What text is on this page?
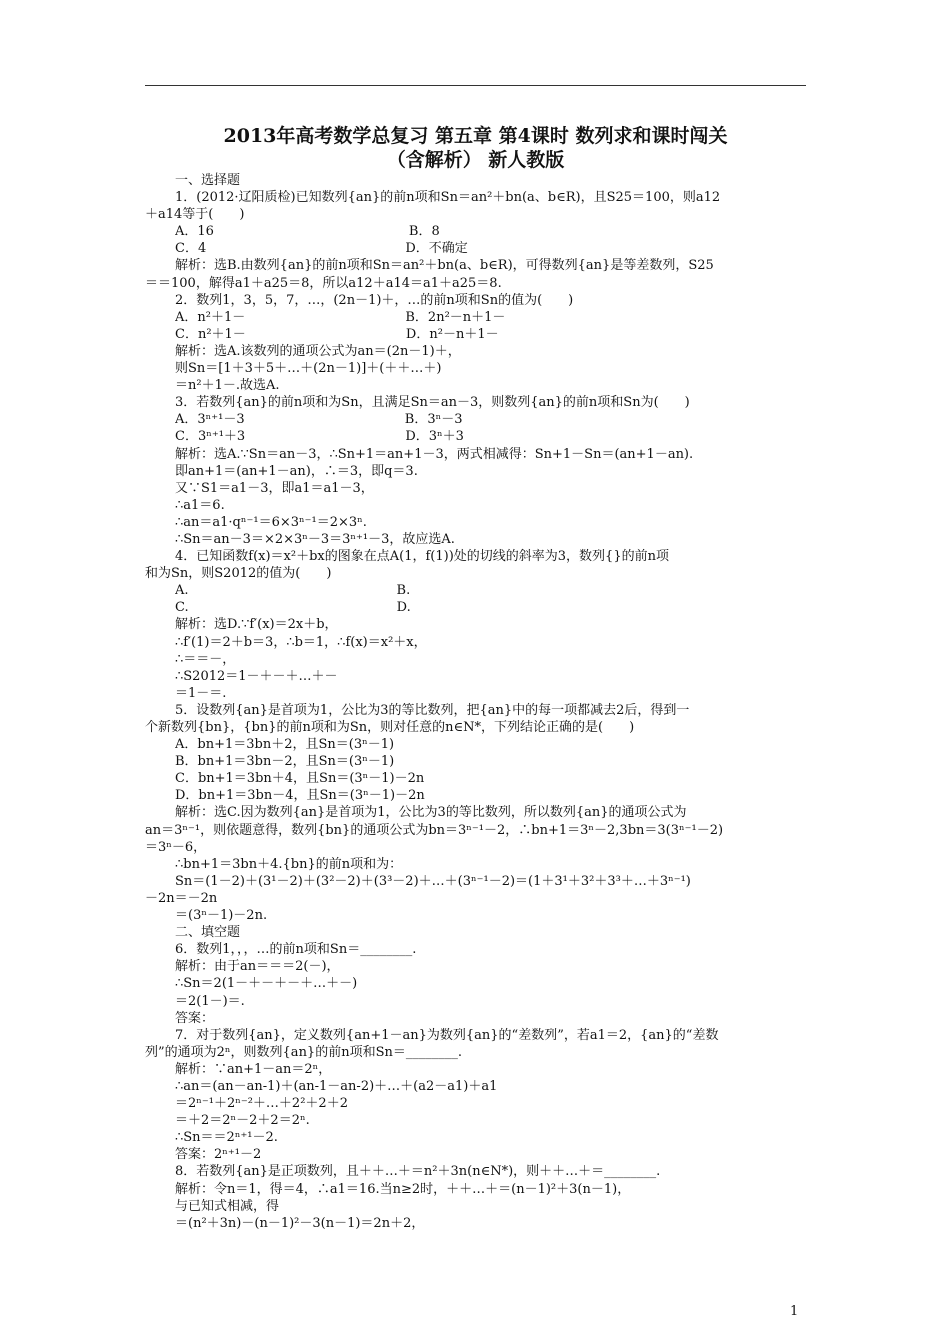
2013年高考数学总复习 第五章 第4课时 数列求和课时闯关
（含解析） 新人教版
一、选择题
1．(2012·辽阳质检)已知数列{an}的前n项和Sn＝an²＋bn(a、b∈R)，且S25＝100，则a12
＋a14等于(　　)
A．16　　　　　　　　　　　　　　　B．8
C．4　　　　　　　　　　　　　　　 D．不确定
解析：选B.由数列{an}的前n项和Sn＝an²＋bn(a、b∈R)，可得数列{an}是等差数列，S25
＝＝100，解得a1＋a25＝8，所以a12＋a14＝a1＋a25＝8.
2．数列1，3，5，7，…，(2n－1)＋，…的前n项和Sn的值为(　　)
A．n²＋1－　　　　　　　　　　　　 B．2n²－n＋1－
C．n²＋1－　　　　　　　　　　　　 D．n²－n＋1－
解析：选A.该数列的通项公式为an＝(2n－1)＋，
则Sn＝[1＋3＋5＋…＋(2n－1)]＋(＋＋…＋)
＝n²＋1－.故选A.
3．若数列{an}的前n项和为Sn，且满足Sn＝an－3，则数列{an}的前n项和Sn为(　　)
A．3ⁿ⁺¹－3　　　　　　　　　　　　 B．3ⁿ－3
C．3ⁿ⁺¹＋3　　　　　　　　　　　　 D．3ⁿ＋3
解析：选A.∵Sn＝an－3，∴Sn+1＝an+1－3，两式相减得：Sn+1－Sn＝(an+1－an).
即an+1＝(an+1－an)，∴＝3，即q＝3.
又∵S1＝a1－3，即a1＝a1－3，
∴a1＝6.
∴an＝a1·qⁿ⁻¹＝6×3ⁿ⁻¹＝2×3ⁿ.
∴Sn＝an－3＝×2×3ⁿ－3＝3ⁿ⁺¹－3，故应选A.
4．已知函数f(x)＝x²＋bx的图象在点A(1，f(1))处的切线的斜率为3，数列{}的前n项
和为Sn，则S2012的值为(　　)
A.　　　　　　　　　　　　　　　　B.
C.　　　　　　　　　　　　　　　　D.
解析：选D.∵f′(x)＝2x＋b，
∴f′(1)＝2＋b＝3，∴b＝1，∴f(x)＝x²＋x，
∴＝＝－，
∴S2012＝1－＋－＋…＋－
＝1－＝.
5．设数列{an}是首项为1，公比为3的等比数列，把{an}中的每一项都减去2后，得到一
个新数列{bn}，{bn}的前n项和为Sn，则对任意的n∈N*，下列结论正确的是(　　)
A．bn+1＝3bn＋2，且Sn＝(3ⁿ－1)
B．bn+1＝3bn－2，且Sn＝(3ⁿ－1)
C．bn+1＝3bn＋4，且Sn＝(3ⁿ－1)－2n
D．bn+1＝3bn－4，且Sn＝(3ⁿ－1)－2n
解析：选C.因为数列{an}是首项为1，公比为3的等比数列，所以数列{an}的通项公式为
an＝3ⁿ⁻¹，则依题意得，数列{bn}的通项公式为bn＝3ⁿ⁻¹－2，∴bn+1＝3ⁿ－2,3bn＝3(3ⁿ⁻¹－2)
＝3ⁿ－6，
∴bn+1＝3bn＋4.{bn}的前n项和为：
Sn＝(1－2)＋(3¹－2)＋(3²－2)＋(3³－2)＋…＋(3ⁿ⁻¹－2)＝(1＋3¹＋3²＋3³＋…＋3ⁿ⁻¹)
－2n＝－2n
＝(3ⁿ－1)－2n.
二、填空题
6．数列1，，，…的前n项和Sn＝________.
解析：由于an＝＝＝2(－)，
∴Sn＝2(1－＋－＋－＋…＋－)
＝2(1－)＝.
答案：
7．对于数列{an}，定义数列{an+1－an}为数列{an}的“差数列”，若a1＝2，{an}的“差数
列”的通项为2ⁿ，则数列{an}的前n项和Sn＝________.
解析：∵an+1－an＝2ⁿ，
∴an＝(an－an-1)＋(an-1－an-2)＋…＋(a2－a1)＋a1
＝2ⁿ⁻¹＋2ⁿ⁻²＋…＋2²＋2＋2
＝＋2＝2ⁿ－2＋2＝2ⁿ.
∴Sn＝＝2ⁿ⁺¹－2.
答案：2ⁿ⁺¹－2
8．若数列{an}是正项数列，且＋＋…＋＝n²＋3n(n∈N*)，则＋＋…＋＝________.
解析：令n＝1，得＝4，∴a1＝16.当n≥2时，＋＋…＋＝(n－1)²＋3(n－1)，
与已知式相减，得
＝(n²＋3n)－(n－1)²－3(n－1)＝2n＋2，
1
